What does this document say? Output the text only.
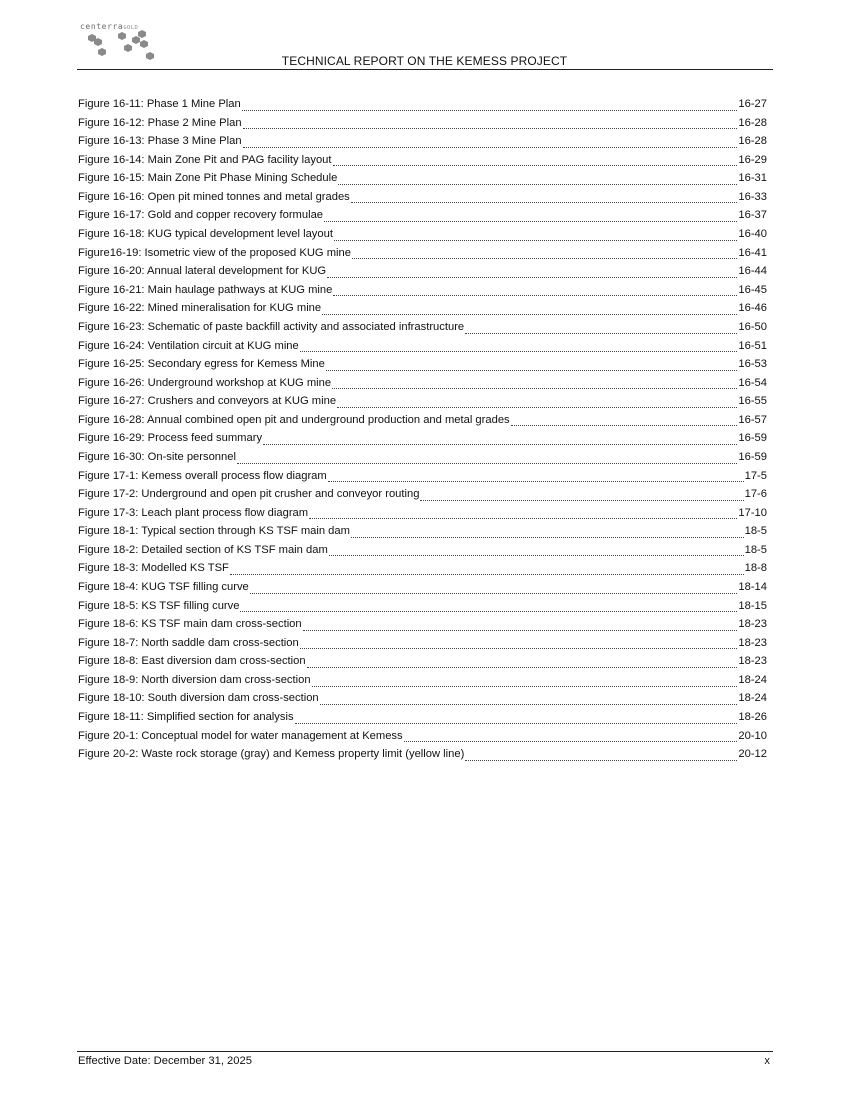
centerraGOLD
TECHNICAL REPORT ON THE KEMESS PROJECT
Figure 16-11: Phase 1 Mine Plan	16-27
Figure 16-12: Phase 2 Mine Plan	16-28
Figure 16-13: Phase 3 Mine Plan	16-28
Figure 16-14: Main Zone Pit and PAG facility layout	16-29
Figure 16-15: Main Zone Pit Phase Mining Schedule	16-31
Figure 16-16: Open pit mined tonnes and metal grades	16-33
Figure 16-17: Gold and copper recovery formulae	16-37
Figure 16-18: KUG typical development level layout	16-40
Figure16-19: Isometric view of the proposed KUG mine	16-41
Figure 16-20: Annual lateral development for KUG	16-44
Figure 16-21: Main haulage pathways at KUG mine	16-45
Figure 16-22: Mined mineralisation for KUG mine	16-46
Figure 16-23: Schematic of paste backfill activity and associated infrastructure	16-50
Figure 16-24: Ventilation circuit at KUG mine	16-51
Figure 16-25: Secondary egress for Kemess Mine	16-53
Figure 16-26: Underground workshop at KUG mine	16-54
Figure 16-27: Crushers and conveyors at KUG mine	16-55
Figure 16-28: Annual combined open pit and underground production and metal grades	16-57
Figure 16-29: Process feed summary	16-59
Figure 16-30: On-site personnel	16-59
Figure 17-1: Kemess overall process flow diagram	17-5
Figure 17-2: Underground and open pit crusher and conveyor routing	17-6
Figure 17-3: Leach plant process flow diagram	17-10
Figure 18-1: Typical section through KS TSF main dam	18-5
Figure 18-2: Detailed section of KS TSF main dam	18-5
Figure 18-3: Modelled KS TSF	18-8
Figure 18-4: KUG TSF filling curve	18-14
Figure 18-5: KS TSF filling curve	18-15
Figure 18-6: KS TSF main dam cross-section	18-23
Figure 18-7: North saddle dam cross-section	18-23
Figure 18-8: East diversion dam cross-section	18-23
Figure 18-9: North diversion dam cross-section	18-24
Figure 18-10: South diversion dam cross-section	18-24
Figure 18-11: Simplified section for analysis	18-26
Figure 20-1: Conceptual model for water management at Kemess	20-10
Figure 20-2: Waste rock storage (gray) and Kemess property limit (yellow line)	20-12
Effective Date: December 31, 2025	x
